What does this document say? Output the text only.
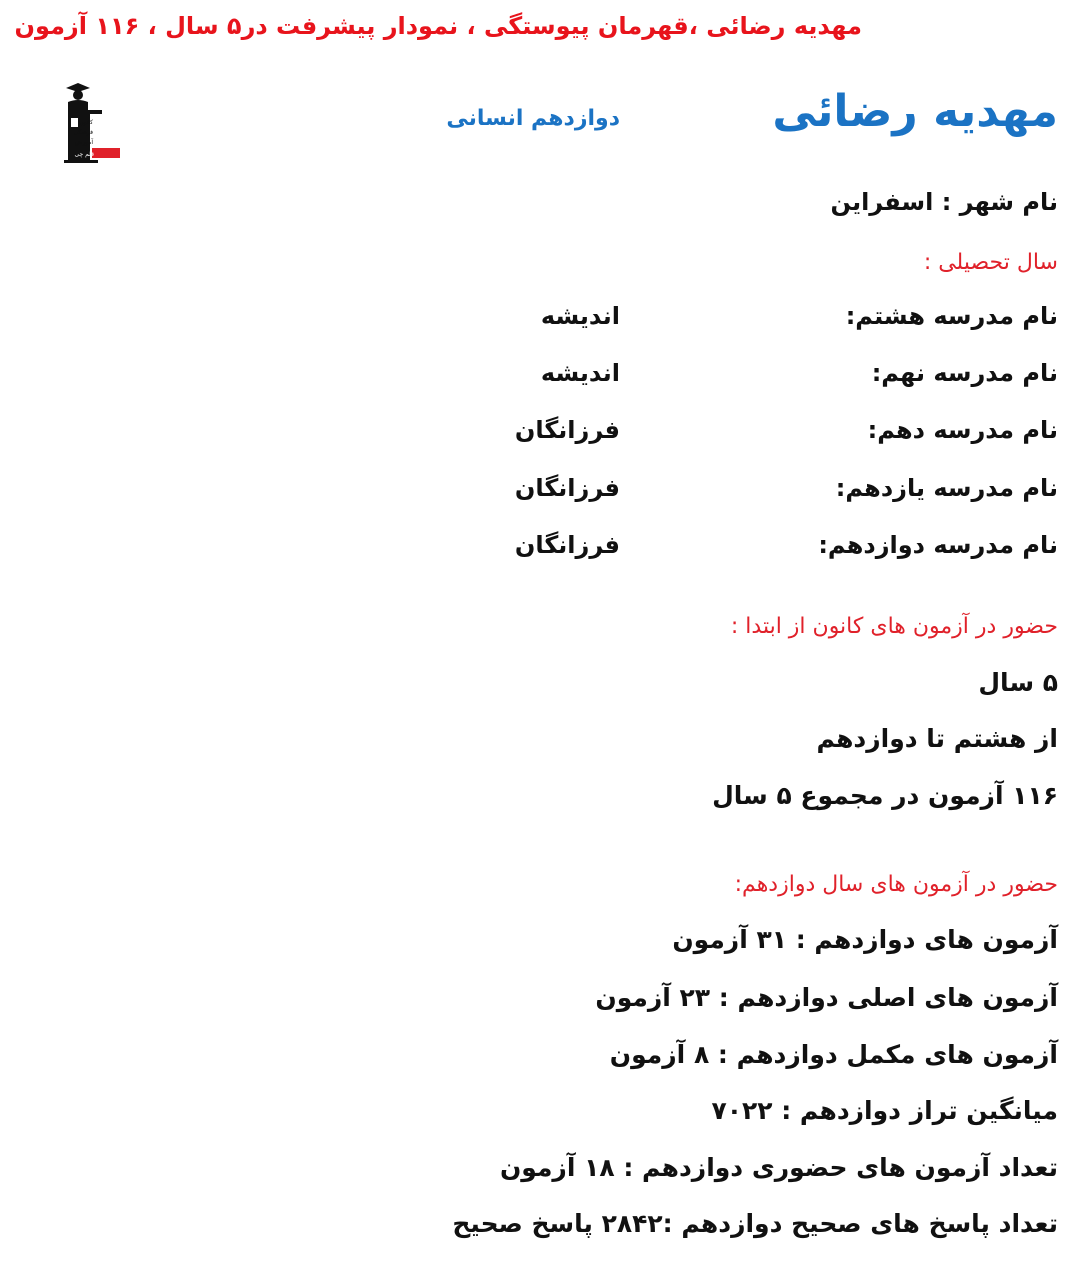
مهدیه رضائی ،قهرمان پیوستگی ، نمودار پیشرفت در۵ سال ، ۱۱۶ آزمون
کانون
فرهنگی
آموزش
قلم چی
مهدیه رضائی
دوازدهم انسانی
نام شهر : اسفراین
سال تحصیلی :
نام مدرسه هشتم:
اندیشه
نام مدرسه نهم:
اندیشه
نام مدرسه دهم:
فرزانگان
نام مدرسه یازدهم:
فرزانگان
نام مدرسه دوازدهم:
فرزانگان
حضور در آزمون های کانون از ابتدا :
۵ سال
از هشتم تا دوازدهم
۱۱۶ آزمون در مجموع ۵ سال
حضور در آزمون های سال دوازدهم:
آزمون های دوازدهم : ۳۱ آزمون
آزمون های اصلی دوازدهم : ۲۳ آزمون
آزمون های مکمل دوازدهم : ۸ آزمون
میانگین تراز دوازدهم : ۷۰۲۲
تعداد آزمون های حضوری دوازدهم : ۱۸ آزمون
تعداد پاسخ های صحیح دوازدهم :۲۸۴۲ پاسخ صحیح
